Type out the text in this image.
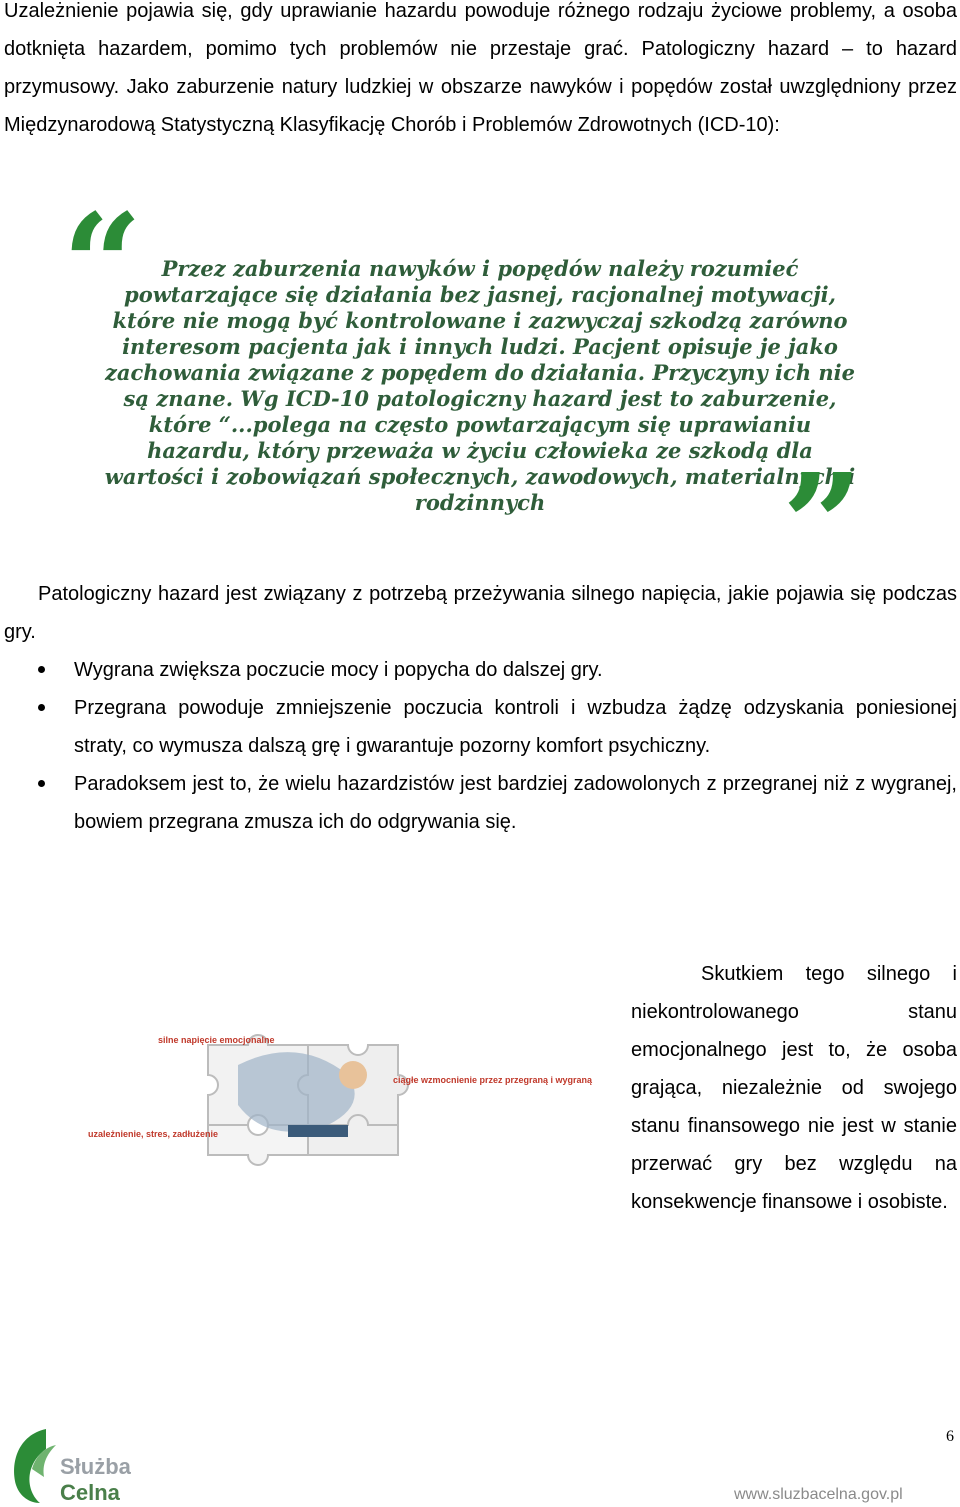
Uzależnienie pojawia się, gdy uprawianie hazardu powoduje różnego rodzaju życiowe problemy, a osoba dotknięta hazardem, pomimo tych problemów nie przestaje grać. Patologiczny hazard – to hazard przymusowy. Jako zaburzenie natury ludzkiej w obszarze nawyków i popędów został uwzględniony przez Międzynarodową Statystyczną Klasyfikację Chorób i Problemów Zdrowotnych (ICD-10):
“ Przez zaburzenia nawyków i popędów należy rozumieć powtarzające się działania bez jasnej, racjonalnej motywacji, które nie mogą być kontrolowane i zazwyczaj szkodzą zarówno interesom pacjenta jak i innych ludzi. Pacjent opisuje je jako zachowania związane z popędem do działania. Przyczyny ich nie są znane. Wg ICD-10 patologiczny hazard jest to zaburzenie, które “...polega na często powtarzającym się uprawianiu hazardu, który przeważa w życiu człowieka ze szkodą dla wartości i zobowiązań społecznych, zawodowych, materialnych i rodzinnych	”
Patologiczny hazard jest związany z potrzebą przeżywania silnego napięcia, jakie pojawia się podczas gry.
Wygrana zwiększa poczucie mocy i popycha do dalszej gry.
Przegrana powoduje zmniejszenie poczucia kontroli i wzbudza żądzę odzyskania poniesionej straty, co wymusza dalszą grę i gwarantuje pozorny komfort psychiczny.
Paradoksem jest to, że wielu hazardzistów jest bardziej zadowolonych z przegranej niż z wygranej, bowiem przegrana zmusza ich do odgrywania się.
silne napięcie emocjonalne
ciągłe wzmocnienie przez przegraną i wygraną
uzależnienie, stres, zadłużenie
Skutkiem tego silnego i niekontrolowanego stanu emocjonalnego jest to, że osoba grająca, niezależnie od swojego stanu finansowego nie jest w stanie przerwać gry bez względu na konsekwencje finansowe i osobiste.
Służba
Celna
6
www.sluzbacelna.gov.pl
